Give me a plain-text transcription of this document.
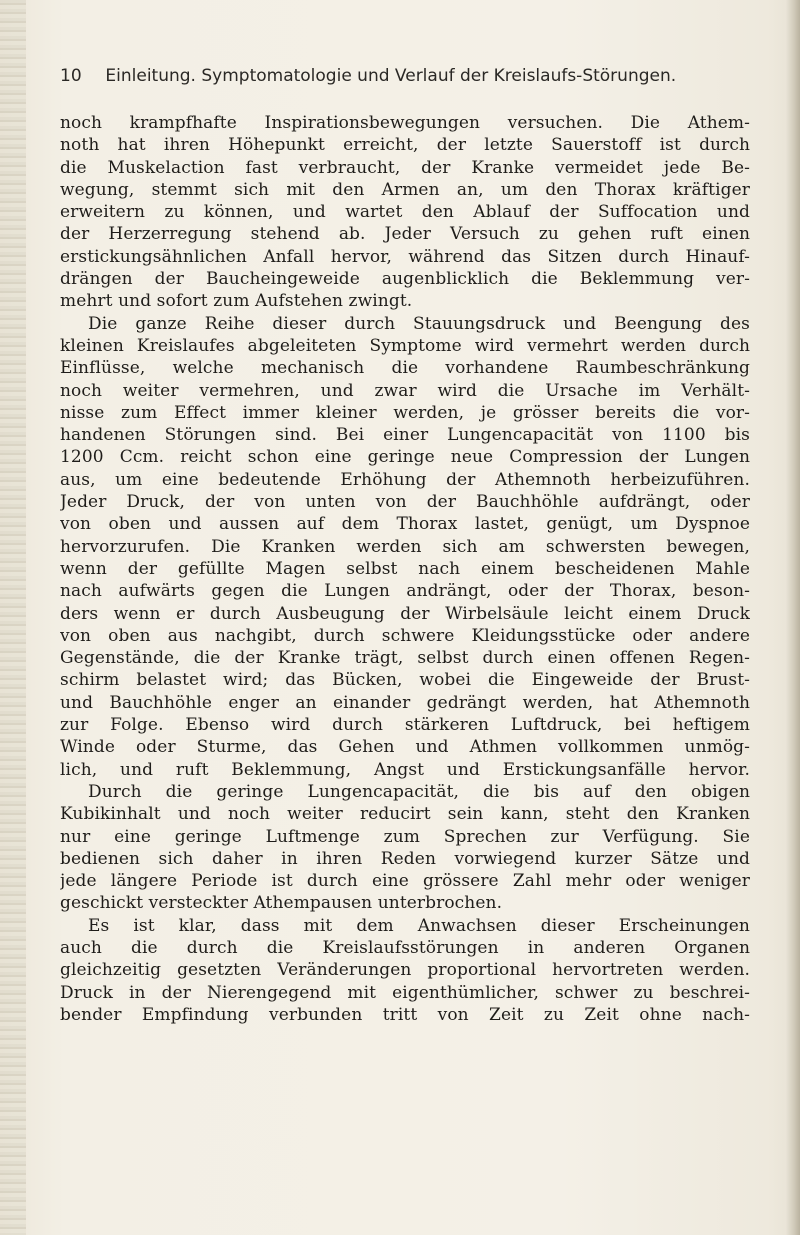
10 Einleitung. Symptomatologie und Verlauf der Kreislaufs-Störungen.
noch krampfhafte Inspirationsbewegungen versuchen. Die Athem-
noth hat ihren Höhepunkt erreicht, der letzte Sauerstoff ist durch
die Muskelaction fast verbraucht, der Kranke vermeidet jede Be-
wegung, stemmt sich mit den Armen an, um den Thorax kräftiger
erweitern zu können, und wartet den Ablauf der Suffocation und
der Herzerregung stehend ab. Jeder Versuch zu gehen ruft einen
erstickungsähnlichen Anfall hervor, während das Sitzen durch Hinauf-
drängen der Baucheingeweide augenblicklich die Beklemmung ver-
mehrt und sofort zum Aufstehen zwingt.
Die ganze Reihe dieser durch Stauungsdruck und Beengung des
kleinen Kreislaufes abgeleiteten Symptome wird vermehrt werden durch
Einflüsse, welche mechanisch die vorhandene Raumbeschränkung
noch weiter vermehren, und zwar wird die Ursache im Verhält-
nisse zum Effect immer kleiner werden, je grösser bereits die vor-
handenen Störungen sind. Bei einer Lungencapacität von 1100 bis
1200 Ccm. reicht schon eine geringe neue Compression der Lungen
aus, um eine bedeutende Erhöhung der Athemnoth herbeizuführen.
Jeder Druck, der von unten von der Bauchhöhle aufdrängt, oder
von oben und aussen auf dem Thorax lastet, genügt, um Dyspnoe
hervorzurufen. Die Kranken werden sich am schwersten bewegen,
wenn der gefüllte Magen selbst nach einem bescheidenen Mahle
nach aufwärts gegen die Lungen andrängt, oder der Thorax, beson-
ders wenn er durch Ausbeugung der Wirbelsäule leicht einem Druck
von oben aus nachgibt, durch schwere Kleidungsstücke oder andere
Gegenstände, die der Kranke trägt, selbst durch einen offenen Regen-
schirm belastet wird; das Bücken, wobei die Eingeweide der Brust-
und Bauchhöhle enger an einander gedrängt werden, hat Athemnoth
zur Folge. Ebenso wird durch stärkeren Luftdruck, bei heftigem
Winde oder Sturme, das Gehen und Athmen vollkommen unmög-
lich, und ruft Beklemmung, Angst und Erstickungsanfälle hervor.
Durch die geringe Lungencapacität, die bis auf den obigen
Kubikinhalt und noch weiter reducirt sein kann, steht den Kranken
nur eine geringe Luftmenge zum Sprechen zur Verfügung. Sie
bedienen sich daher in ihren Reden vorwiegend kurzer Sätze und
jede längere Periode ist durch eine grössere Zahl mehr oder weniger
geschickt versteckter Athempausen unterbrochen.
Es ist klar, dass mit dem Anwachsen dieser Erscheinungen
auch die durch die Kreislaufsstörungen in anderen Organen
gleichzeitig gesetzten Veränderungen proportional hervortreten werden.
Druck in der Nierengegend mit eigenthümlicher, schwer zu beschrei-
bender Empfindung verbunden tritt von Zeit zu Zeit ohne nach-
